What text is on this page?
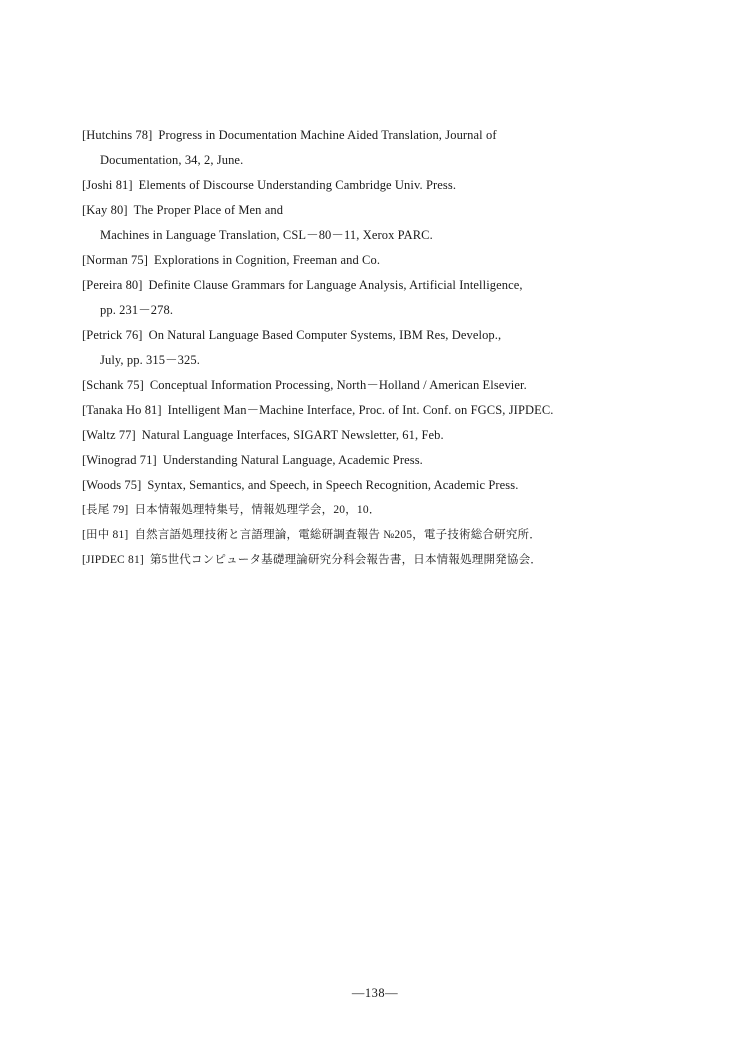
[Hutchins 78] Progress in Documentation Machine Aided Translation, Journal of
Documentation, 34, 2, June.
[Joshi 81] Elements of Discourse Understanding Cambridge Univ. Press.
[Kay 80] The Proper Place of Men and
Machines in Language Translation, CSL－80－11, Xerox PARC.
[Norman 75] Explorations in Cognition, Freeman and Co.
[Pereira 80] Definite Clause Grammars for Language Analysis, Artificial Intelligence,
pp. 231－278.
[Petrick 76] On Natural Language Based Computer Systems, IBM Res, Develop.,
July, pp. 315－325.
[Schank 75] Conceptual Information Processing, North－Holland / American Elsevier.
[Tanaka Ho 81] Intelligent Man－Machine Interface, Proc. of Int. Conf. on FGCS, JIPDEC.
[Waltz 77] Natural Language Interfaces, SIGART Newsletter, 61, Feb.
[Winograd 71] Understanding Natural Language, Academic Press.
[Woods 75] Syntax, Semantics, and Speech, in Speech Recognition, Academic Press.
[長尾 79] 日本情報処理特集号，情報処理学会，20，10．
[田中 81] 自然言語処理技術と言語理論，電総研調査報告 №205，電子技術総合研究所．
[JIPDEC 81] 第5世代コンピュータ基礎理論研究分科会報告書，日本情報処理開発協会．
—138—
